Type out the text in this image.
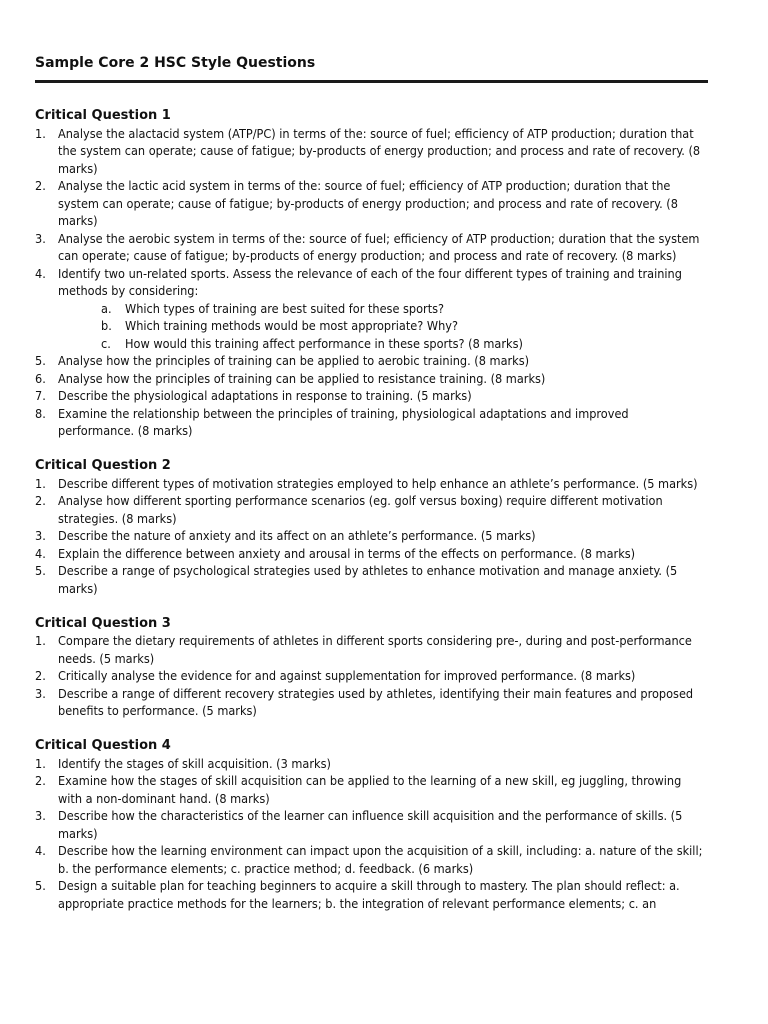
Sample Core 2 HSC Style Questions
Critical Question 1
1. Analyse the alactacid system (ATP/PC) in terms of the: source of fuel; efficiency of ATP production; duration that the system can operate; cause of fatigue; by-products of energy production; and process and rate of recovery. (8 marks)
2. Analyse the lactic acid system in terms of the: source of fuel; efficiency of ATP production; duration that the system can operate; cause of fatigue; by-products of energy production; and process and rate of recovery. (8 marks)
3. Analyse the aerobic system in terms of the: source of fuel; efficiency of ATP production; duration that the system can operate; cause of fatigue; by-products of energy production; and process and rate of recovery. (8 marks)
4. Identify two un-related sports. Assess the relevance of each of the four different types of training and training methods by considering:
a. Which types of training are best suited for these sports?
b. Which training methods would be most appropriate? Why?
c. How would this training affect performance in these sports? (8 marks)
5. Analyse how the principles of training can be applied to aerobic training. (8 marks)
6. Analyse how the principles of training can be applied to resistance training. (8 marks)
7. Describe the physiological adaptations in response to training. (5 marks)
8. Examine the relationship between the principles of training, physiological adaptations and improved performance. (8 marks)
Critical Question 2
1. Describe different types of motivation strategies employed to help enhance an athlete’s performance. (5 marks)
2. Analyse how different sporting performance scenarios (eg. golf versus boxing) require different motivation strategies. (8 marks)
3. Describe the nature of anxiety and its affect on an athlete’s performance. (5 marks)
4. Explain the difference between anxiety and arousal in terms of the effects on performance. (8 marks)
5. Describe a range of psychological strategies used by athletes to enhance motivation and manage anxiety. (5 marks)
Critical Question 3
1. Compare the dietary requirements of athletes in different sports considering pre-, during and post-performance needs. (5 marks)
2. Critically analyse the evidence for and against supplementation for improved performance. (8 marks)
3. Describe a range of different recovery strategies used by athletes, identifying their main features and proposed benefits to performance. (5 marks)
Critical Question 4
1. Identify the stages of skill acquisition. (3 marks)
2. Examine how the stages of skill acquisition can be applied to the learning of a new skill, eg juggling, throwing with a non-dominant hand. (8 marks)
3. Describe how the characteristics of the learner can influence skill acquisition and the performance of skills. (5 marks)
4. Describe how the learning environment can impact upon the acquisition of a skill, including: a. nature of the skill; b. the performance elements; c. practice method; d. feedback. (6 marks)
5. Design a suitable plan for teaching beginners to acquire a skill through to mastery. The plan should reflect: a. appropriate practice methods for the learners; b. the integration of relevant performance elements; c. an
